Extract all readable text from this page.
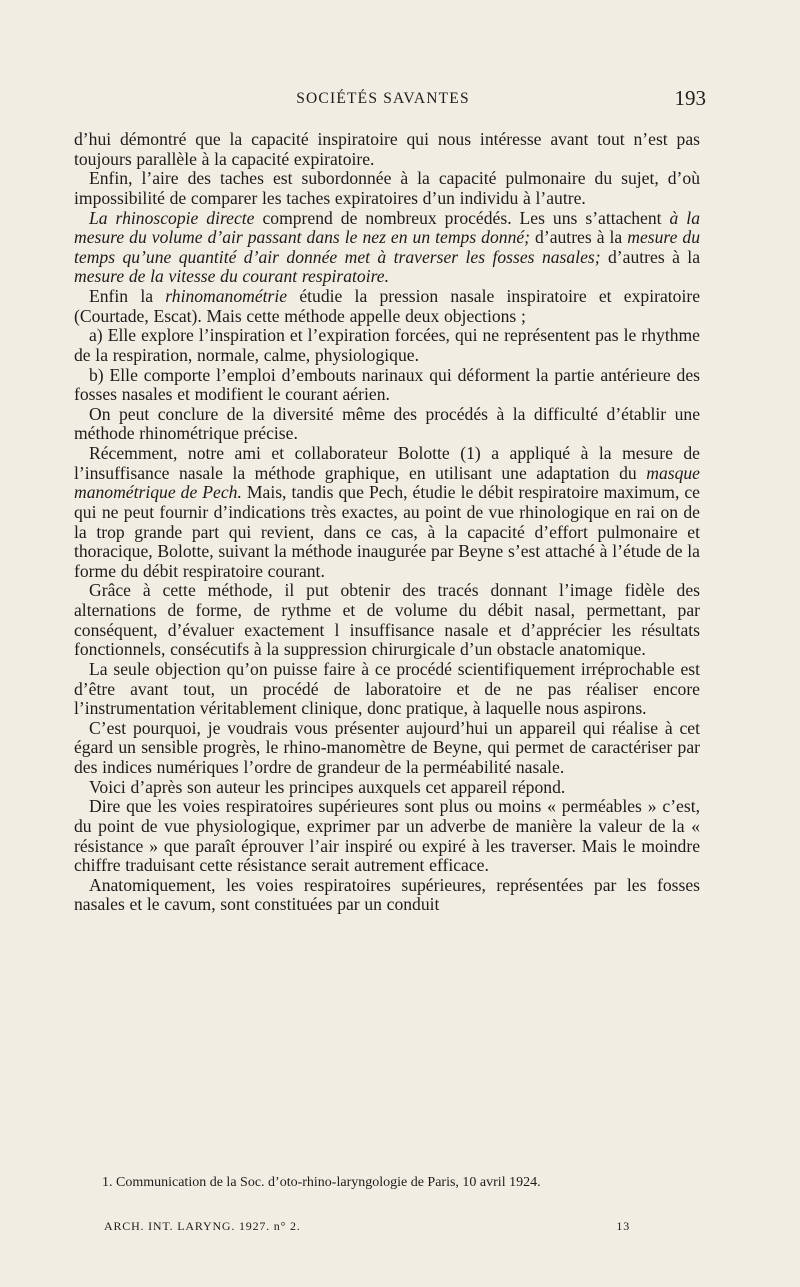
SOCIÉTÉS SAVANTES	193

d’hui démontré que la capacité inspiratoire qui nous intéresse avant tout n’est pas toujours parallèle à la capacité expiratoire.

Enfin, l’aire des taches est subordonnée à la capacité pulmonaire du sujet, d’où impossibilité de comparer les taches expiratoires d’un individu à l’autre.

La rhinoscopie directe comprend de nombreux procédés. Les uns s’attachent à la mesure du volume d’air passant dans le nez en un temps donné; d’autres à la mesure du temps qu’une quantité d’air donnée met à traverser les fosses nasales; d’autres à la mesure de la vitesse du courant respiratoire.

Enfin la rhinomanométrie étudie la pression nasale inspiratoire et expiratoire (Courtade, Escat). Mais cette méthode appelle deux objections ;

a) Elle explore l’inspiration et l’expiration forcées, qui ne représentent pas le rhythme de la respiration, normale, calme, physiologique.

b) Elle comporte l’emploi d’embouts narinaux qui déforment la partie antérieure des fosses nasales et modifient le courant aérien.

On peut conclure de la diversité même des procédés à la difficulté d’établir une méthode rhinométrique précise.

Récemment, notre ami et collaborateur Bolotte (1) a appliqué à la mesure de l’insuffisance nasale la méthode graphique, en utilisant une adaptation du masque manométrique de Pech. Mais, tandis que Pech, étudie le débit respiratoire maximum, ce qui ne peut fournir d’indications très exactes, au point de vue rhinologique en rai on de la trop grande part qui revient, dans ce cas, à la capacité d’effort pulmonaire et thoracique, Bolotte, suivant la méthode inaugurée par Beyne s’est attaché à l’étude de la forme du débit respiratoire courant.

Grâce à cette méthode, il put obtenir des tracés donnant l’image fidèle des alternations de forme, de rythme et de volume du débit nasal, permettant, par conséquent, d’évaluer exactement l insuffisance nasale et d’apprécier les résultats fonctionnels, consécutifs à la suppression chirurgicale d’un obstacle anatomique.

La seule objection qu’on puisse faire à ce procédé scientifiquement irréprochable est d’être avant tout, un procédé de laboratoire et de ne pas réaliser encore l’instrumentation véritablement clinique, donc pratique, à laquelle nous aspirons.

C’est pourquoi, je voudrais vous présenter aujourd’hui un appareil qui réalise à cet égard un sensible progrès, le rhino-manomètre de Beyne, qui permet de caractériser par des indices numériques l’ordre de grandeur de la perméabilité nasale.

Voici d’après son auteur les principes auxquels cet appareil répond.

Dire que les voies respiratoires supérieures sont plus ou moins « perméables » c’est, du point de vue physiologique, exprimer par un adverbe de manière la valeur de la « résistance » que paraît éprouver l’air inspiré ou expiré à les traverser. Mais le moindre chiffre traduisant cette résistance serait autrement efficace.

Anatomiquement, les voies respiratoires supérieures, représentées par les fosses nasales et le cavum, sont constituées par un conduit

1. Communication de la Soc. d’oto-rhino-laryngologie de Paris, 10 avril 1924.
ARCH. INT. LARYNG. 1927. n° 2.	13
